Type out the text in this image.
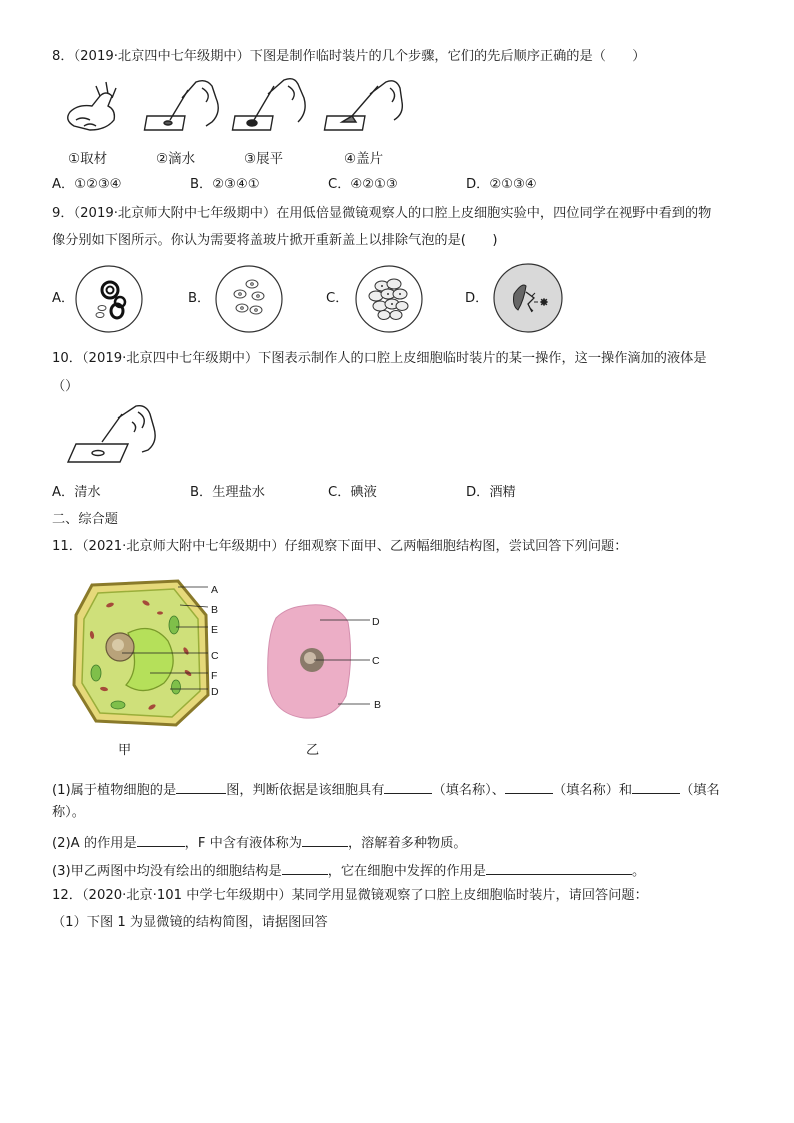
8．（2019·北京四中七年级期中）下图是制作临时装片的几个步骤，它们的先后顺序正确的是（　　）
①取材	②滴水	③展平	④盖片
A．①②③④	B．②③④①	C．④②①③	D．②①③④
9．（2019·北京师大附中七年级期中）在用低倍显微镜观察人的口腔上皮细胞实验中，四位同学在视野中看到的物
像分别如下图所示。你认为需要将盖玻片掀开重新盖上以排除气泡的是(　　)
A．	B．	C．	D．
10．（2019·北京四中七年级期中）下图表示制作人的口腔上皮细胞临时装片的某一操作，这一操作滴加的液体是
（）
A．清水	B．生理盐水	C．碘液	D．酒精
二、综合题
11．（2021·北京师大附中七年级期中）仔细观察下面甲、乙两幅细胞结构图，尝试回答下列问题：
A
B
E
C
F
D
甲
D
C
B
乙
(1)属于植物细胞的是	图，判断依据是该细胞具有	（填名称）、	（填名称）和	（填名
称）。
(2)A 的作用是	，F 中含有液体称为	，溶解着多种物质。
(3)甲乙两图中均没有绘出的细胞结构是	，它在细胞中发挥的作用是	。
12．（2020·北京·101 中学七年级期中）某同学用显微镜观察了口腔上皮细胞临时装片，请回答问题：
（1）下图 1 为显微镜的结构简图，请据图回答
